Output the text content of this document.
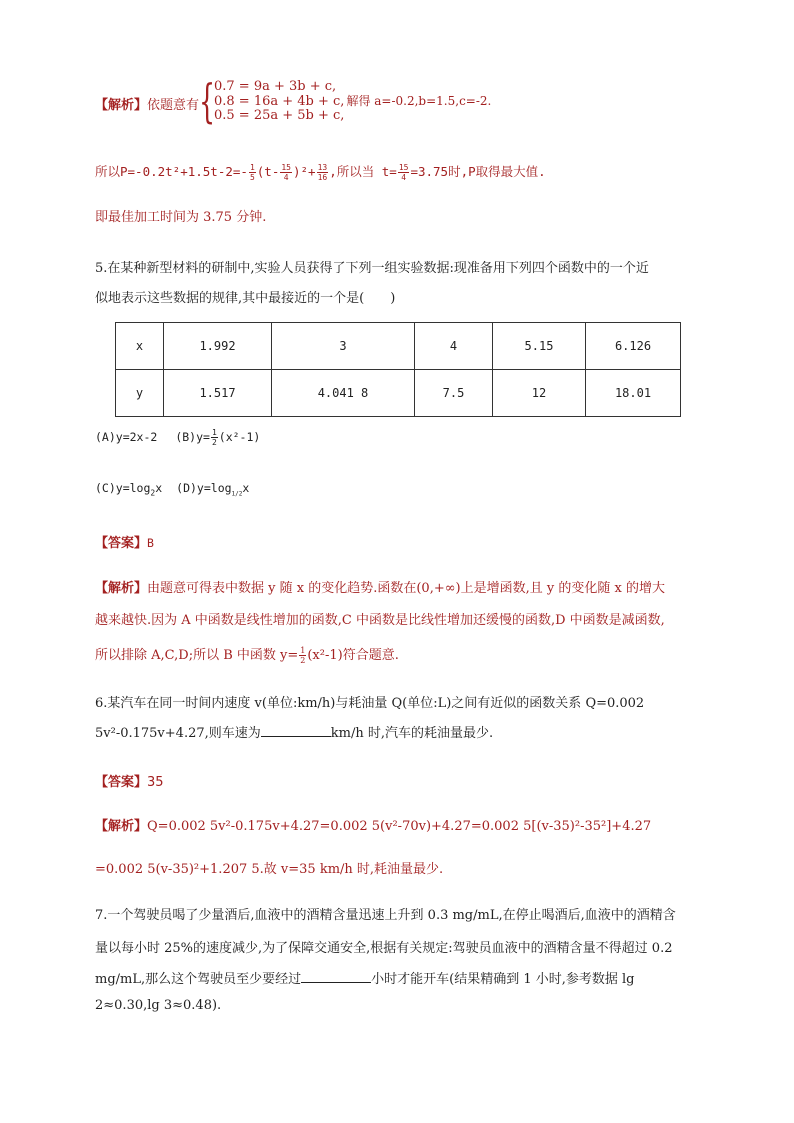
【解析】依题意有 {
0.7 = 9a + 3b + c,
0.8 = 16a + 4b + c, 解得 a=-0.2,b=1.5,c=-2.
0.5 = 25a + 5b + c,
所以$P=-0.2t^2+1.5t-2=- \frac{1}{5} (t- \frac{15}{4} )^2+ \frac{13}{16}$ ,所以当 $t= \frac{15}{4} =3.75$时,P取得最大值.
即最佳加工时间为 3.75 分钟.
5.在某种新型材料的研制中,实验人员获得了下列一组实验数据:现准备用下列四个函数中的一个近
似地表示这些数据的规律,其中最接近的一个是(　　)
x	1.992	3	4	5.15	6.126
y	1.517	4.041 8	7.5	12	18.01
(A)y=2x-2 $(B)y= \frac{1}{2} (x^2-1)$
$(C)y=\log_2x$ $(D)y=\log_{1/2}x$
【答案】B
【解析】由题意可得表中数据 y 随 x 的变化趋势.函数在(0,+∞)上是增函数,且 y 的变化随 x 的增大
越来越快.因为 A 中函数是线性增加的函数,C 中函数是比线性增加还缓慢的函数,D 中函数是减函数,
所以排除 A,C,D;所以 B 中函数 $y= \frac{1}{2} (x^2-1)$符合题意.
6.某汽车在同一时间内速度 v(单位:km/h)与耗油量 Q(单位:L)之间有近似的函数关系 Q=0.002
5v²-0.175v+4.27,则车速为	km/h 时,汽车的耗油量最少.
【答案】35
【解析】Q=0.002 5v²-0.175v+4.27=0.002 5(v²-70v)+4.27=0.002 5[(v-35)²-35²]+4.27
=0.002 5(v-35)²+1.207 5.故 v=35 km/h 时,耗油量最少.
7.一个驾驶员喝了少量酒后,血液中的酒精含量迅速上升到 0.3 mg/mL,在停止喝酒后,血液中的酒精含
量以每小时 25%的速度减少,为了保障交通安全,根据有关规定:驾驶员血液中的酒精含量不得超过 0.2
mg/mL,那么这个驾驶员至少要经过	小时才能开车(结果精确到 1 小时,参考数据 lg
2≈0.30,lg 3≈0.48).
